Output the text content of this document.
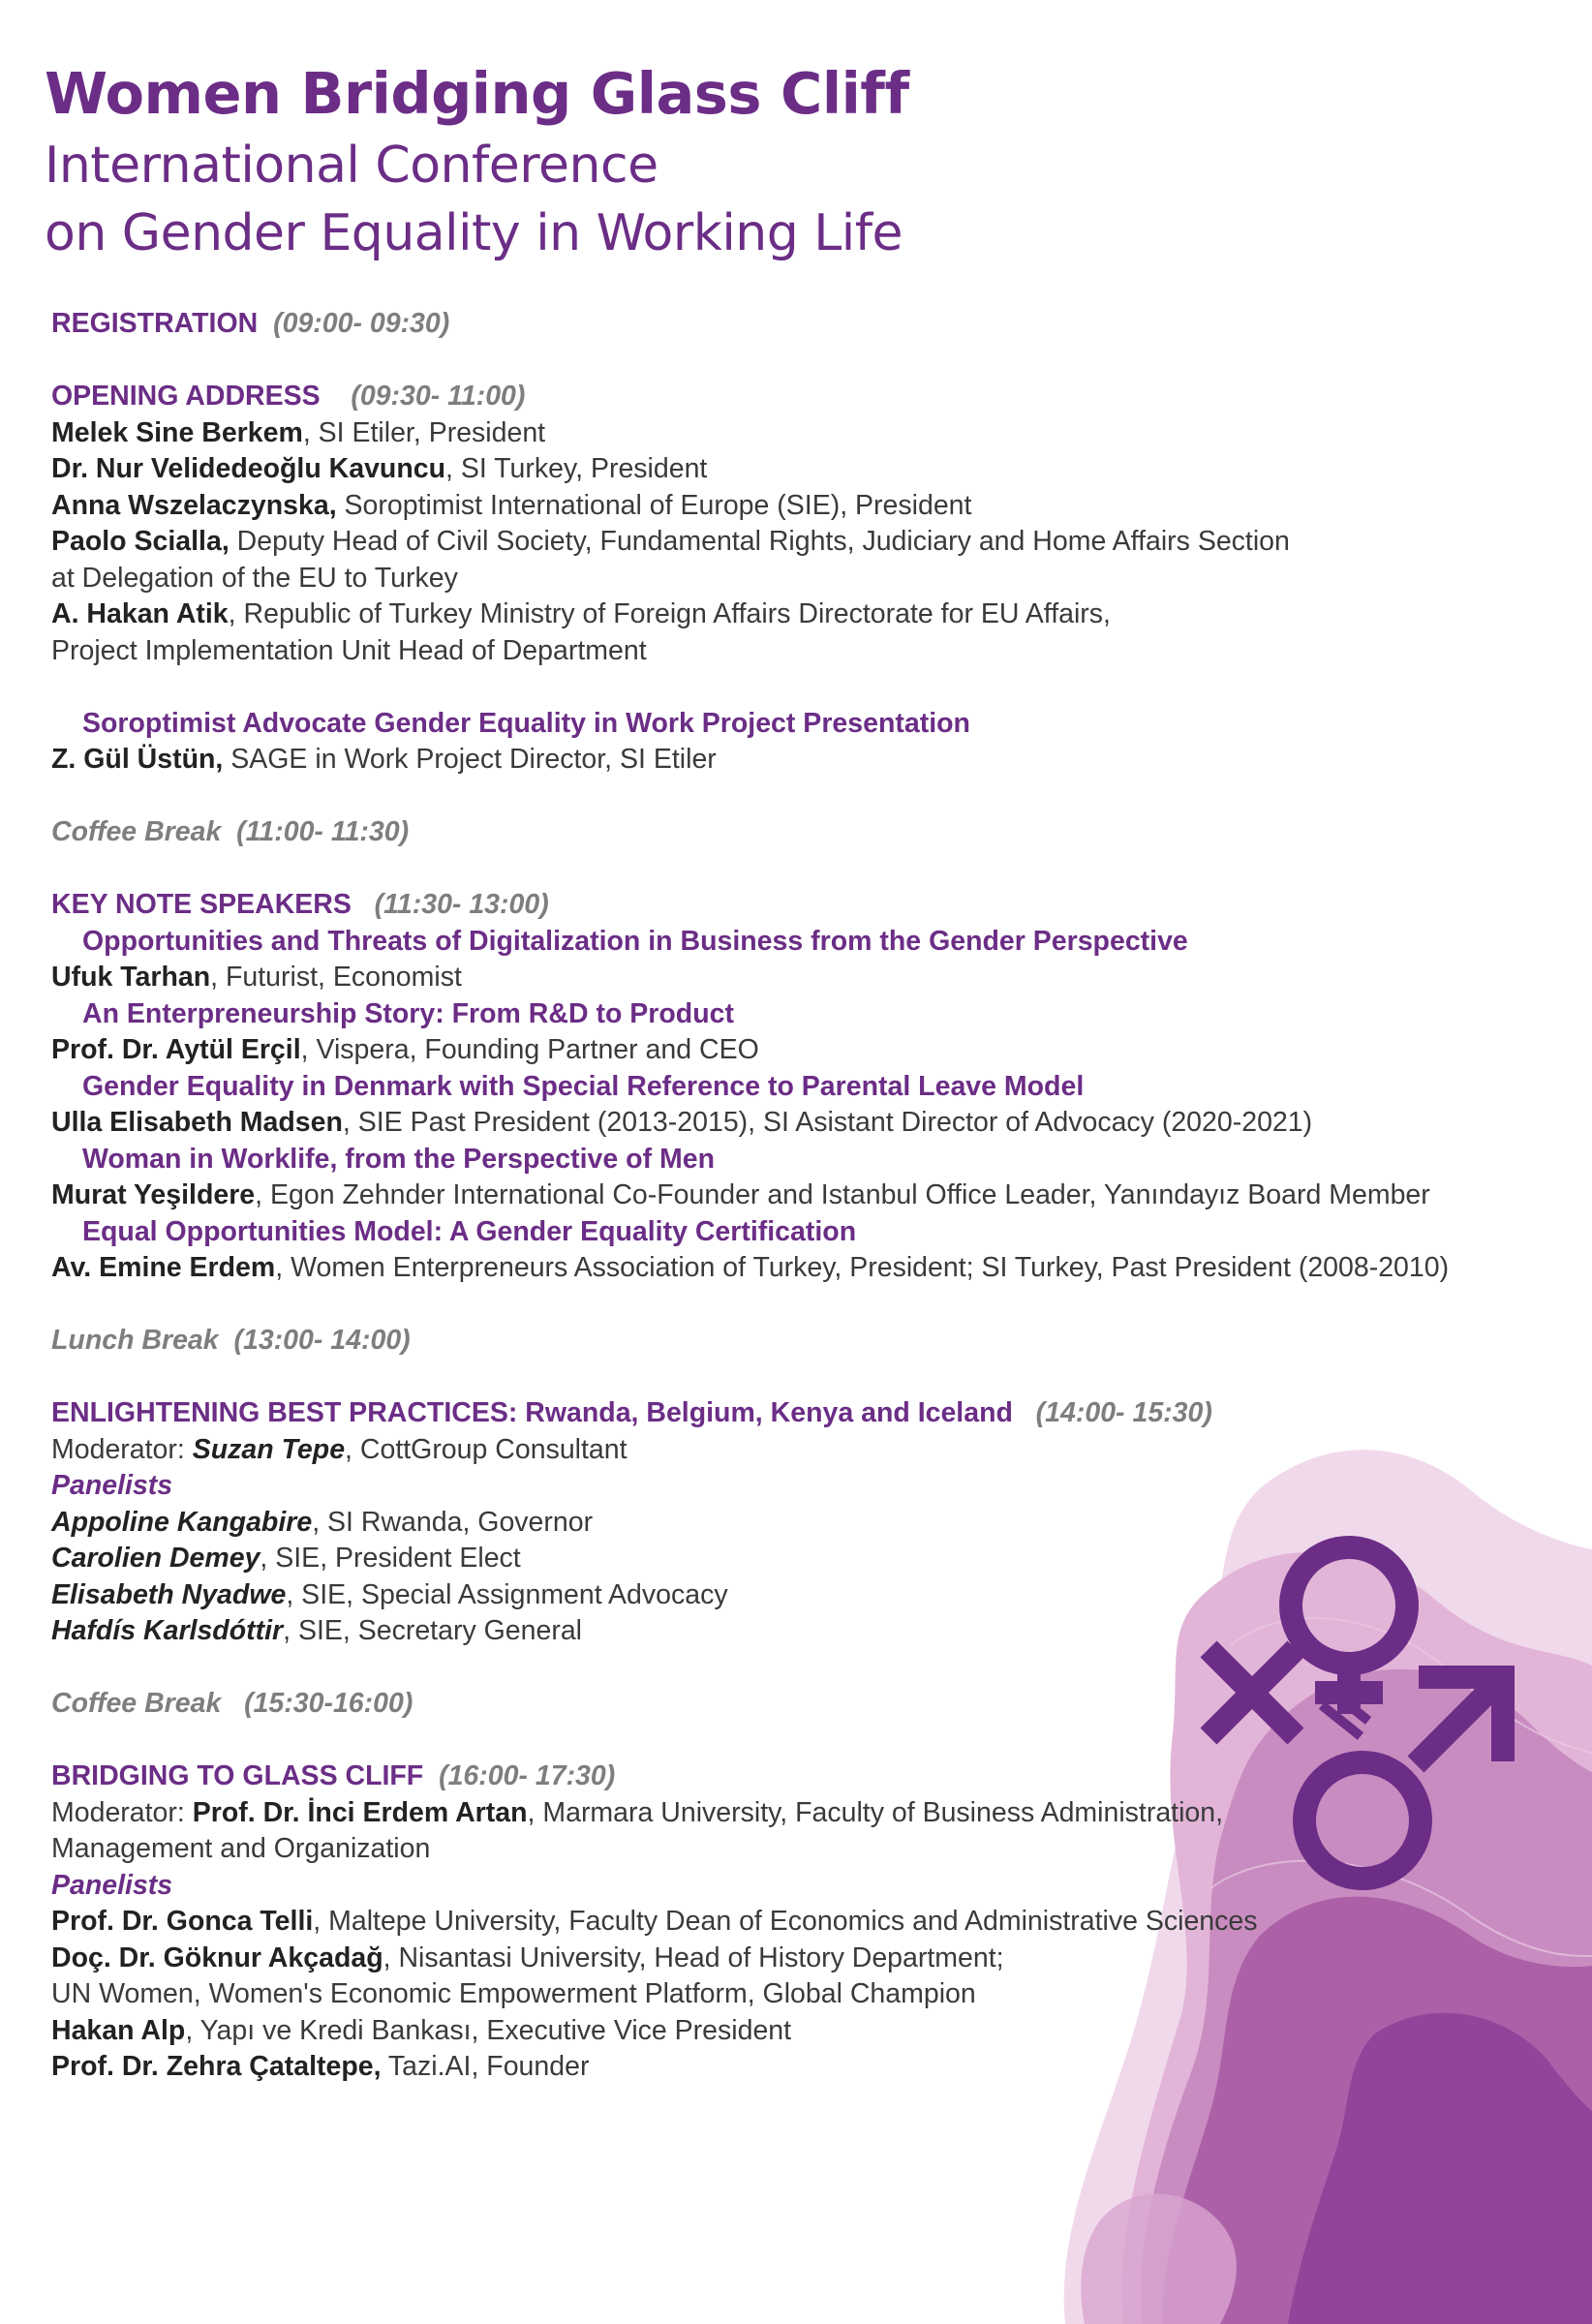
Women Bridging Glass Cliff
International Conference
on Gender Equality in Working Life
REGISTRATION (09:00- 09:30)
OPENING ADDRESS (09:30- 11:00)
Melek Sine Berkem, SI Etiler, President
Dr. Nur Velidedeoğlu Kavuncu, SI Turkey, President
Anna Wszelaczynska, Soroptimist International of Europe (SIE), President
Paolo Scialla, Deputy Head of Civil Society, Fundamental Rights, Judiciary and Home Affairs Section
at Delegation of the EU to Turkey
A. Hakan Atik, Republic of Turkey Ministry of Foreign Affairs Directorate for EU Affairs,
Project Implementation Unit Head of Department
Soroptimist Advocate Gender Equality in Work Project Presentation
Z. Gül Üstün, SAGE in Work Project Director, SI Etiler
Coffee Break (11:00- 11:30)
KEY NOTE SPEAKERS (11:30- 13:00)
Opportunities and Threats of Digitalization in Business from the Gender Perspective
Ufuk Tarhan, Futurist, Economist
An Enterpreneurship Story: From R&D to Product
Prof. Dr. Aytül Erçil, Vispera, Founding Partner and CEO
Gender Equality in Denmark with Special Reference to Parental Leave Model
Ulla Elisabeth Madsen, SIE Past President (2013-2015), SI Asistant Director of Advocacy (2020-2021)
Woman in Worklife, from the Perspective of Men
Murat Yeşildere, Egon Zehnder International Co-Founder and Istanbul Office Leader, Yanındayız Board Member
Equal Opportunities Model: A Gender Equality Certification
Av. Emine Erdem, Women Enterpreneurs Association of Turkey, President; SI Turkey, Past President (2008-2010)
Lunch Break (13:00- 14:00)
ENLIGHTENING BEST PRACTICES: Rwanda, Belgium, Kenya and Iceland (14:00- 15:30)
Moderator: Suzan Tepe, CottGroup Consultant
Panelists
Appoline Kangabire, SI Rwanda, Governor
Carolien Demey, SIE, President Elect
Elisabeth Nyadwe, SIE, Special Assignment Advocacy
Hafdís Karlsdóttir, SIE, Secretary General
Coffee Break (15:30-16:00)
BRIDGING TO GLASS CLIFF (16:00- 17:30)
Moderator: Prof. Dr. İnci Erdem Artan, Marmara University, Faculty of Business Administration,
Management and Organization
Panelists
Prof. Dr. Gonca Telli, Maltepe University, Faculty Dean of Economics and Administrative Sciences
Doç. Dr. Göknur Akçadağ, Nisantasi University, Head of History Department;
UN Women, Women's Economic Empowerment Platform, Global Champion
Hakan Alp, Yapı ve Kredi Bankası, Executive Vice President
Prof. Dr. Zehra Çataltepe, Tazi.AI, Founder
